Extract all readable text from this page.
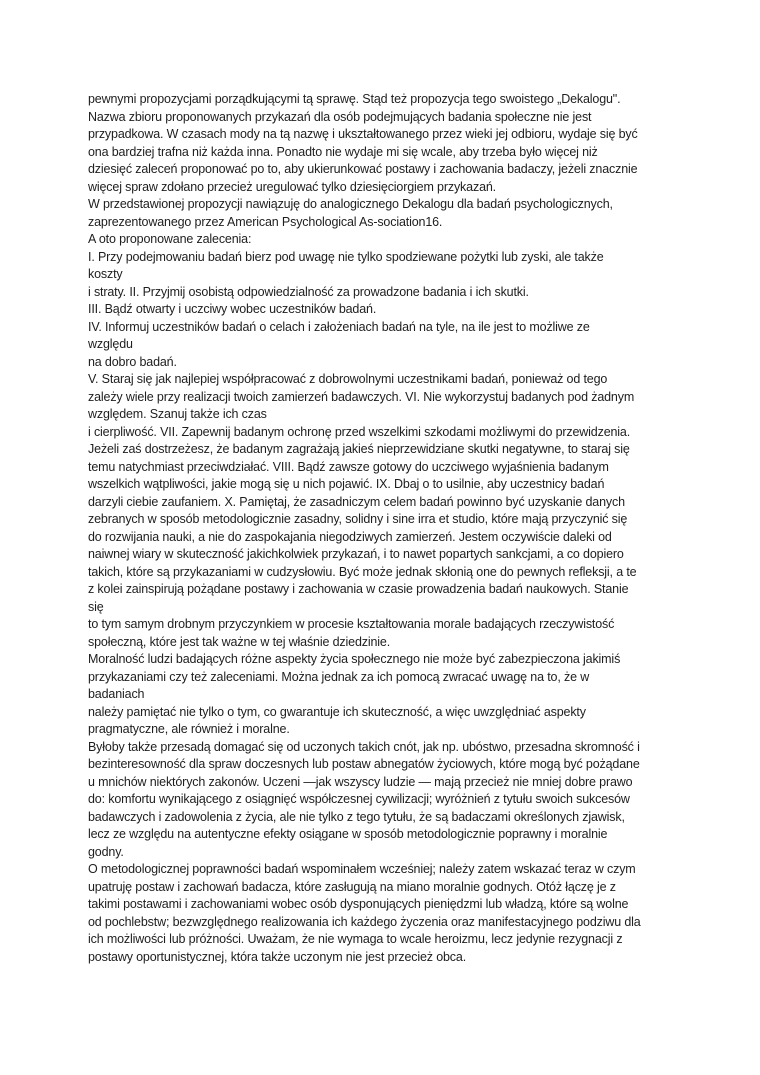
pewnymi propozycjami porządkującymi tą sprawę. Stąd też propozycja tego swoistego „Dekalogu".
Nazwa zbioru proponowanych przykazań dla osób podejmujących badania społeczne nie jest
przypadkowa. W czasach mody na tą nazwę i ukształtowanego przez wieki jej odbioru, wydaje się być
ona bardziej trafna niż każda inna. Ponadto nie wydaje mi się wcale, aby trzeba było więcej niż
dziesięć zaleceń proponować po to, aby ukierunkować postawy i zachowania badaczy, jeżeli znacznie
więcej spraw zdołano przecież uregulować tylko dziesięciorgiem przykazań.
W przedstawionej propozycji nawiązuję do analogicznego Dekalogu dla badań psychologicznych,
zaprezentowanego przez American Psychological As-sociation16.
A oto proponowane zalecenia:
I. Przy podejmowaniu badań bierz pod uwagę nie tylko spodziewane pożytki lub zyski, ale także
koszty
i straty. II. Przyjmij osobistą odpowiedzialność za prowadzone badania i ich skutki.
III. Bądź otwarty i uczciwy wobec uczestników badań.
IV. Informuj uczestników badań o celach i założeniach badań na tyle, na ile jest to możliwe ze
względu
na dobro badań.
V. Staraj się jak najlepiej współpracować z dobrowolnymi uczestnikami badań, ponieważ od tego
zależy wiele przy realizacji twoich zamierzeń badawczych. VI. Nie wykorzystuj badanych pod żadnym
względem. Szanuj także ich czas
i cierpliwość. VII. Zapewnij badanym ochronę przed wszelkimi szkodami możliwymi do przewidzenia.
Jeżeli zaś dostrzeżesz, że badanym zagrażają jakieś nieprzewidziane skutki negatywne, to staraj się
temu natychmiast przeciwdziałać. VIII. Bądź zawsze gotowy do uczciwego wyjaśnienia badanym
wszelkich wątpliwości, jakie mogą się u nich pojawić. IX. Dbaj o to usilnie, aby uczestnicy badań
darzyli ciebie zaufaniem. X. Pamiętaj, że zasadniczym celem badań powinno być uzyskanie danych
zebranych w sposób metodologicznie zasadny, solidny i sine irra et studio, które mają przyczynić się
do rozwijania nauki, a nie do zaspokajania niegodziwych zamierzeń. Jestem oczywiście daleki od
naiwnej wiary w skuteczność jakichkolwiek przykazań, i to nawet popartych sankcjami, a co dopiero
takich, które są przykazaniami w cudzysłowiu. Być może jednak skłonią one do pewnych refleksji, a te
z kolei zainspirują pożądane postawy i zachowania w czasie prowadzenia badań naukowych. Stanie
się
to tym samym drobnym przyczynkiem w procesie kształtowania morale badających rzeczywistość
społeczną, które jest tak ważne w tej właśnie dziedzinie.
Moralność ludzi badających różne aspekty życia społecznego nie może być zabezpieczona jakimiś
przykazaniami czy też zaleceniami. Można jednak za ich pomocą zwracać uwagę na to, że w
badaniach
należy pamiętać nie tylko o tym, co gwarantuje ich skuteczność, a więc uwzględniać aspekty
pragmatyczne, ale również i moralne.
Byłoby także przesadą domagać się od uczonych takich cnót, jak np. ubóstwo, przesadna skromność i
bezinteresowność dla spraw doczesnych lub postaw abnegatów życiowych, które mogą być pożądane
u mnichów niektórych zakonów. Uczeni —jak wszyscy ludzie — mają przecież nie mniej dobre prawo
do: komfortu wynikającego z osiągnięć współczesnej cywilizacji; wyróżnień z tytułu swoich sukcesów
badawczych i zadowolenia z życia, ale nie tylko z tego tytułu, że są badaczami określonych zjawisk,
lecz ze względu na autentyczne efekty osiągane w sposób metodologicznie poprawny i moralnie
godny.
O metodologicznej poprawności badań wspominałem wcześniej; należy zatem wskazać teraz w czym
upatruję postaw i zachowań badacza, które zasługują na miano moralnie godnych. Otóż łączę je z
takimi postawami i zachowaniami wobec osób dysponujących pieniędzmi lub władzą, które są wolne
od pochlebstw; bezwzględnego realizowania ich każdego życzenia oraz manifestacyjnego podziwu dla
ich możliwości lub próżności. Uważam, że nie wymaga to wcale heroizmu, lecz jedynie rezygnacji z
postawy oportunistycznej, która także uczonym nie jest przecież obca.
